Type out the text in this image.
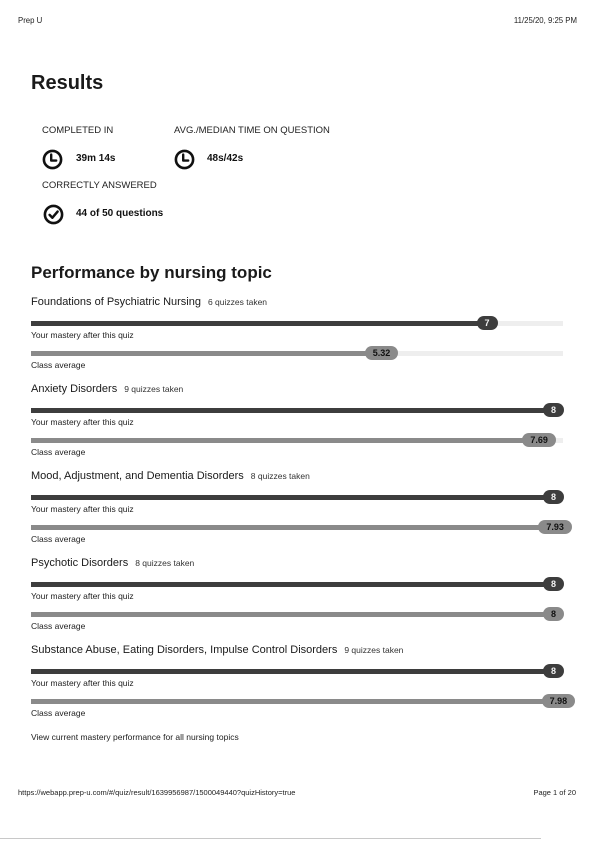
Prep U	11/25/20, 9:25 PM
Results
COMPLETED IN
39m 14s
AVG./MEDIAN TIME ON QUESTION
48s/42s
CORRECTLY ANSWERED
44 of 50 questions
Performance by nursing topic
Foundations of Psychiatric Nursing 6 quizzes taken
7
Your mastery after this quiz
5.32
Class average
Anxiety Disorders 9 quizzes taken
8
Your mastery after this quiz
7.69
Class average
Mood, Adjustment, and Dementia Disorders 8 quizzes taken
8
Your mastery after this quiz
7.93
Class average
Psychotic Disorders 8 quizzes taken
8
Your mastery after this quiz
8
Class average
Substance Abuse, Eating Disorders, Impulse Control Disorders 9 quizzes taken
8
Your mastery after this quiz
7.98
Class average
View current mastery performance for all nursing topics
https://webapp.prep-u.com/#/quiz/result/1639956987/1500049440?quizHistory=true	Page 1 of 20
